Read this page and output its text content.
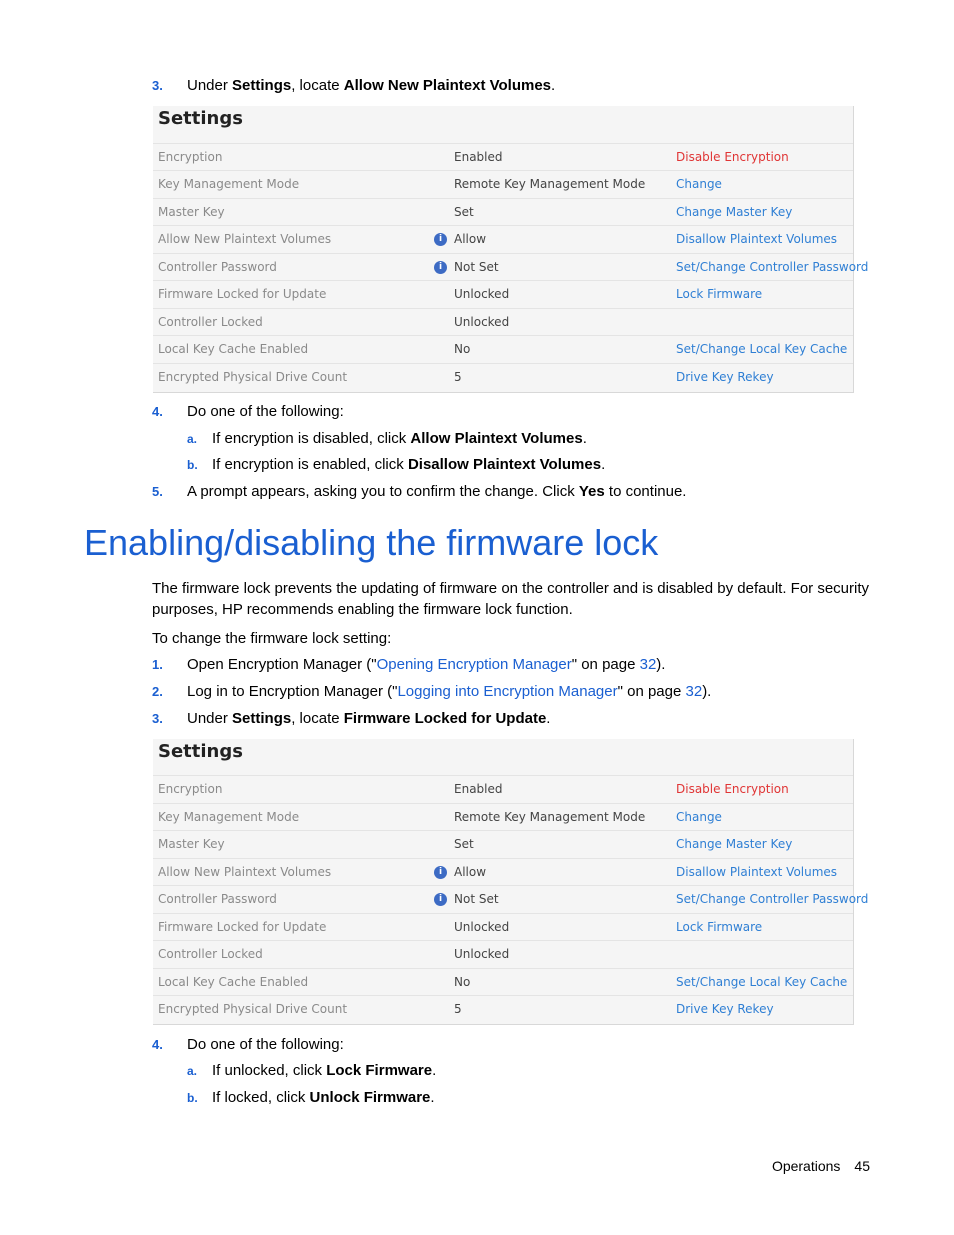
3.	Under Settings, locate Allow New Plaintext Volumes.
Settings
Encryption	Enabled	Disable Encryption
Key Management Mode	Remote Key Management Mode	Change
Master Key	Set	Change Master Key
Allow New Plaintext Volumes	i Allow	Disallow Plaintext Volumes
Controller Password	i Not Set	Set/Change Controller Password
Firmware Locked for Update	Unlocked	Lock Firmware
Controller Locked	Unlocked
Local Key Cache Enabled	No	Set/Change Local Key Cache
Encrypted Physical Drive Count	5	Drive Key Rekey
4.	Do one of the following:
a. If encryption is disabled, click Allow Plaintext Volumes.
b. If encryption is enabled, click Disallow Plaintext Volumes.
5.	A prompt appears, asking you to confirm the change. Click Yes to continue.
Enabling/disabling the firmware lock
The firmware lock prevents the updating of firmware on the controller and is disabled by default. For security purposes, HP recommends enabling the firmware lock function.
To change the firmware lock setting:
1.	Open Encryption Manager ("Opening Encryption Manager" on page 32).
2.	Log in to Encryption Manager ("Logging into Encryption Manager" on page 32).
3.	Under Settings, locate Firmware Locked for Update.
Settings
Encryption	Enabled	Disable Encryption
Key Management Mode	Remote Key Management Mode	Change
Master Key	Set	Change Master Key
Allow New Plaintext Volumes	i Allow	Disallow Plaintext Volumes
Controller Password	i Not Set	Set/Change Controller Password
Firmware Locked for Update	Unlocked	Lock Firmware
Controller Locked	Unlocked
Local Key Cache Enabled	No	Set/Change Local Key Cache
Encrypted Physical Drive Count	5	Drive Key Rekey
4.	Do one of the following:
a. If unlocked, click Lock Firmware.
b. If locked, click Unlock Firmware.
Operations 45
